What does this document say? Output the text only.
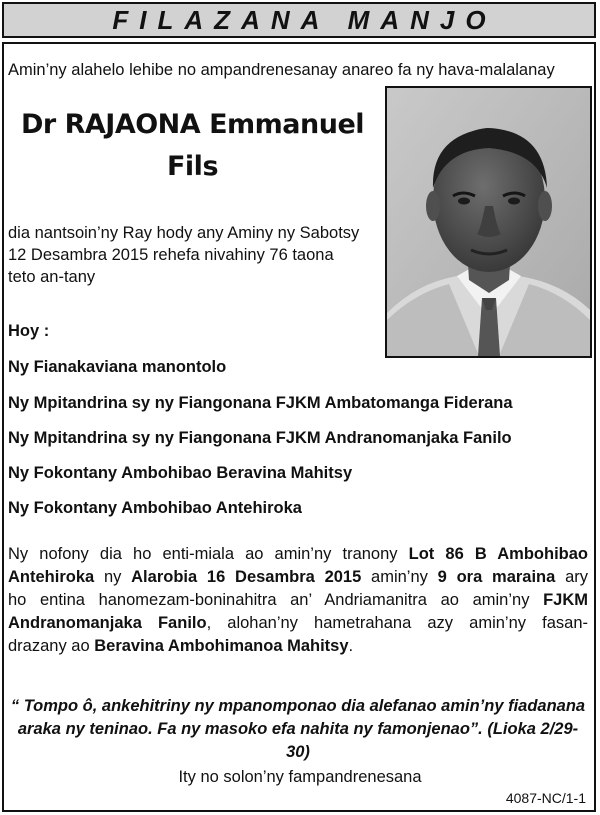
FILAZANA MANJO
Amin’ny alahelo lehibe no ampandrenesanay anareo fa ny hava-malalanay
Dr RAJAONA Emmanuel
Fils
dia nantsoin’ny Ray hody any Aminy ny Sabotsy
12 Desambra 2015 rehefa nivahiny 76 taona
teto an-tany
Hoy :
Ny Fianakaviana manontolo
Ny Mpitandrina sy ny Fiangonana FJKM Ambatomanga Fiderana
Ny Mpitandrina sy ny Fiangonana FJKM Andranomanjaka Fanilo
Ny Fokontany Ambohibao Beravina Mahitsy
Ny Fokontany Ambohibao Antehiroka
Ny nofony dia ho enti-miala ao amin’ny tranony Lot 86 B Ambohibao
Antehiroka ny Alarobia 16 Desambra 2015 amin’ny 9 ora maraina ary
ho entina hanomezam-boninahitra an’ Andriamanitra ao amin’ny FJKM
Andranomanjaka Fanilo, alohan’ny hametrahana azy amin’ny fasan-
drazany ao Beravina Ambohimanoa Mahitsy.
“ Tompo ô, ankehitriny ny mpanomponao dia alefanao amin’ny fiadanana
araka ny teninao. Fa ny masoko efa nahita ny famonjenao”. (Lioka 2/29-30)
Ity no solon’ny fampandrenesana
4087-NC/1-1
